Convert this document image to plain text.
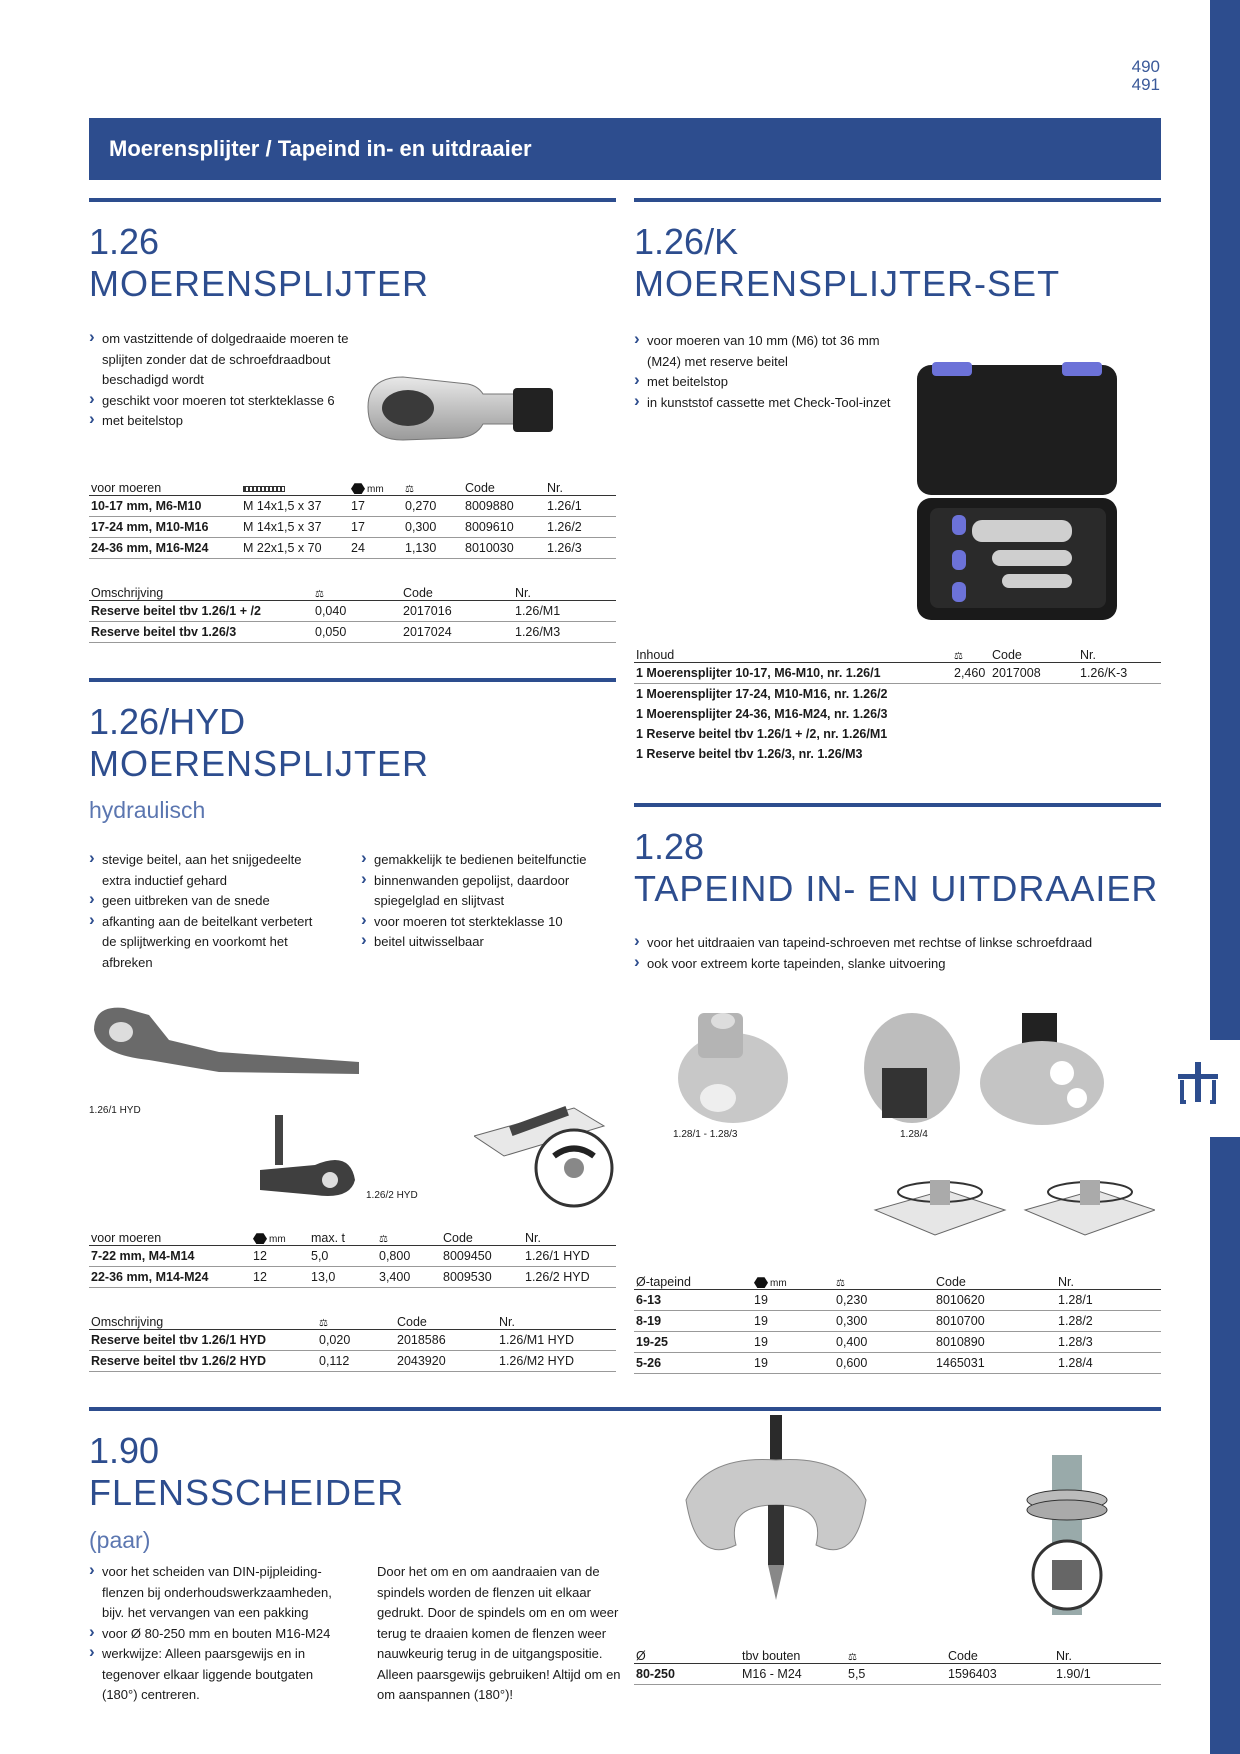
490
491
Moerensplijter / Tapeind in- en uitdraaier
1.26
MOERENSPLIJTER
› om vastzittende of dolgedraaide moeren te splijten zonder dat de schroefdraadbout beschadigd wordt
› geschikt voor moeren tot sterkteklasse 6
› met beitelstop
voor moeren		mm	⚖	Code	Nr.
10-17 mm, M6-M10	M 14x1,5 x 37	17	0,270	8009880	1.26/1
17-24 mm, M10-M16	M 14x1,5 x 37	17	0,300	8009610	1.26/2
24-36 mm, M16-M24	M 22x1,5 x 70	24	1,130	8010030	1.26/3
Omschrijving	⚖	Code	Nr.
Reserve beitel tbv 1.26/1 + /2	0,040	2017016	1.26/M1
Reserve beitel tbv 1.26/3	0,050	2017024	1.26/M3
1.26/K
MOERENSPLIJTER-SET
› voor moeren van 10 mm (M6) tot 36 mm (M24) met reserve beitel
› met beitelstop
› in kunststof cassette met Check-Tool-inzet
Inhoud	⚖	Code	Nr.
1 Moerensplijter 10-17, M6-M10, nr. 1.26/1	2,460	2017008	1.26/K-3
1 Moerensplijter 17-24, M10-M16, nr. 1.26/2			
1 Moerensplijter 24-36, M16-M24, nr. 1.26/3			
1 Reserve beitel tbv 1.26/1 + /2, nr. 1.26/M1			
1 Reserve beitel tbv 1.26/3, nr. 1.26/M3			
1.26/HYD
MOERENSPLIJTER
hydraulisch
› stevige beitel, aan het snijgedeelte extra inductief gehard
› geen uitbreken van de snede
› afkanting aan de beitelkant verbetert de splijtwerking en voorkomt het afbreken
› gemakkelijk te bedienen beitelfunctie
› binnenwanden gepolijst, daardoor spiegelglad en slijtvast
› voor moeren tot sterkteklasse 10
› beitel uitwisselbaar
1.26/1 HYD
1.26/2 HYD
voor moeren	mm	max. t	⚖	Code	Nr.
7-22 mm, M4-M14	12	5,0	0,800	8009450	1.26/1 HYD
22-36 mm, M14-M24	12	13,0	3,400	8009530	1.26/2 HYD
Omschrijving	⚖	Code	Nr.
Reserve beitel tbv 1.26/1 HYD	0,020	2018586	1.26/M1 HYD
Reserve beitel tbv 1.26/2 HYD	0,112	2043920	1.26/M2 HYD
1.28
TAPEIND IN- EN UITDRAAIER
› voor het uitdraaien van tapeind-schroeven met rechtse of linkse schroefdraad
› ook voor extreem korte tapeinden, slanke uitvoering
1.28/1 - 1.28/3	1.28/4
Ø-tapeind	mm	⚖	Code	Nr.
6-13	19	0,230	8010620	1.28/1
8-19	19	0,300	8010700	1.28/2
19-25	19	0,400	8010890	1.28/3
5-26	19	0,600	1465031	1.28/4
1.90
FLENSSCHEIDER
(paar)
› voor het scheiden van DIN-pijpleiding-flenzen bij onderhoudswerkzaamheden, bijv. het vervangen van een pakking
› voor Ø 80-250 mm en bouten M16-M24
› werkwijze: Alleen paarsgewijs en in tegenover elkaar liggende boutgaten (180°) centreren.
Door het om en om aandraaien van de spindels worden de flenzen uit elkaar gedrukt. Door de spindels om en om weer terug te draaien komen de flenzen weer nauwkeurig terug in de uitgangspositie. Alleen paarsgewijs gebruiken! Altijd om en om aanspannen (180°)!
Ø	tbv bouten	⚖	Code	Nr.
80-250	M16 - M24	5,5	1596403	1.90/1
